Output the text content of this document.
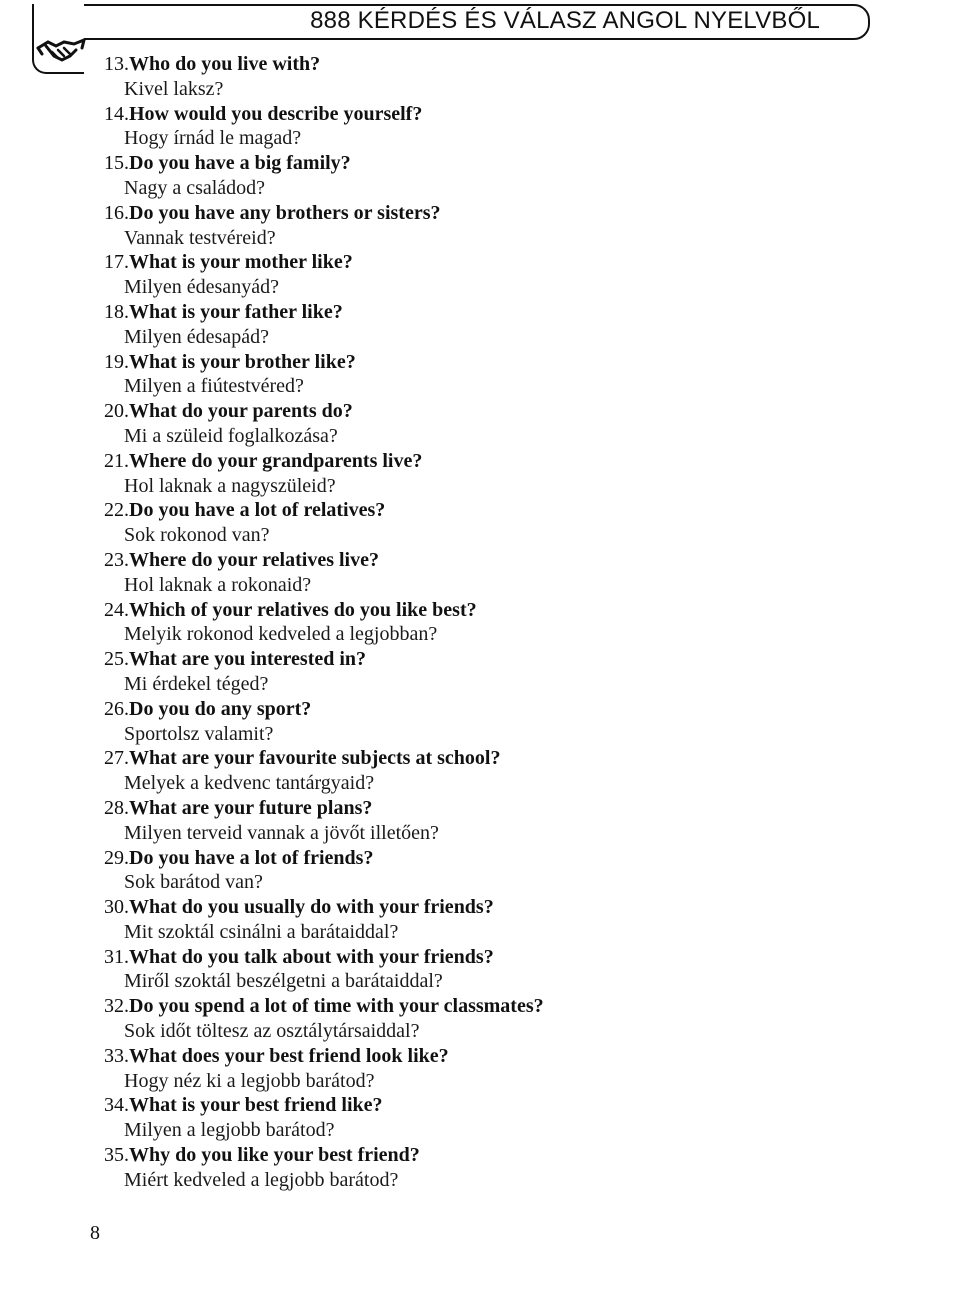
888 KÉRDÉS ÉS VÁLASZ ANGOL NYELVBŐL
13 . Who do you live with?
Kivel laksz?
14 . How would you describe yourself?
Hogy írnád le magad?
15 . Do you have a big family?
Nagy a családod?
16 . Do you have any brothers or sisters?
Vannak testvéreid?
17 . What is your mother like?
Milyen édesanyád?
18 . What is your father like?
Milyen édesapád?
19 . What is your brother like?
Milyen a fiútestvéred?
20 . What do your parents do?
Mi a szüleid foglalkozása?
21 . Where do your grandparents live?
Hol laknak a nagyszüleid?
22 . Do you have a lot of relatives?
Sok rokonod van?
23 . Where do your relatives live?
Hol laknak a rokonaid?
24 . Which of your relatives do you like best?
Melyik rokonod kedveled a legjobban?
25 . What are you interested in?
Mi érdekel téged?
26 . Do you do any sport?
Sportolsz valamit?
27 . What are your favourite subjects at school?
Melyek a kedvenc tantárgyaid?
28 . What are your future plans?
Milyen terveid vannak a jövőt illetően?
29 . Do you have a lot of friends?
Sok barátod van?
30 . What do you usually do with your friends?
Mit szoktál csinálni a barátaiddal?
31 . What do you talk about with your friends?
Miről szoktál beszélgetni a barátaiddal?
32 . Do you spend a lot of time with your classmates?
Sok időt töltesz az osztálytársaiddal?
33 . What does your best friend look like?
Hogy néz ki a legjobb barátod?
34 . What is your best friend like?
Milyen a legjobb barátod?
35 . Why do you like your best friend?
Miért kedveled a legjobb barátod?
8
